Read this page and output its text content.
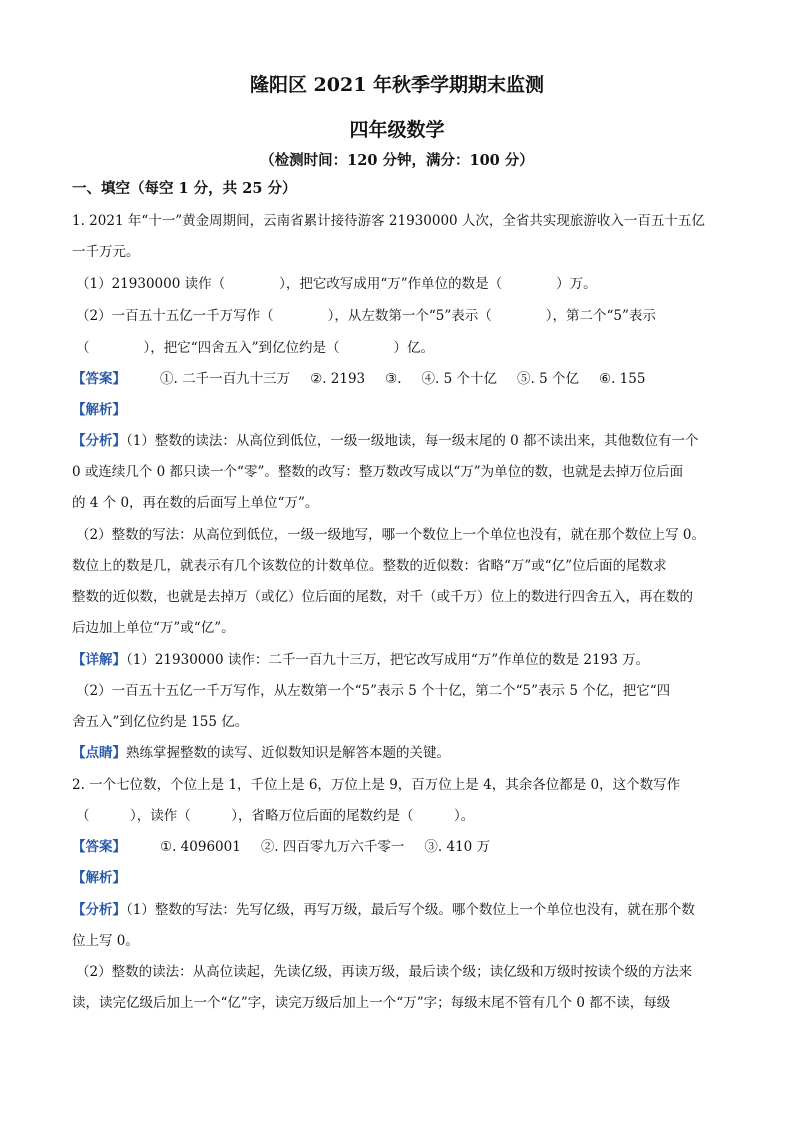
隆阳区 2021 年秋季学期期末监测
四年级数学
（检测时间：120 分钟，满分：100 分）
一、填空（每空 1 分，共 25 分）
1. 2021 年“十一”黄金周期间，云南省累计接待游客 21930000 人次，全省共实现旅游收入一百五十五亿
一千万元。
（1）21930000 读作（　　　　），把它改写成用“万”作单位的数是（　　　　）万。
（2）一百五十五亿一千万写作（　　　　），从左数第一个“5”表示（　　　　），第二个“5”表示
（　　　　），把它“四舍五入”到亿位约是（　　　　）亿。
【答案】	①. 二千一百九十三万 ②. 2193 ③. ④. 5 个十亿 ⑤. 5 个亿 ⑥. 155
【解析】
【分析】（1）整数的读法：从高位到低位，一级一级地读，每一级末尾的 0 都不读出来，其他数位有一个
0 或连续几个 0 都只读一个“零”。整数的改写：整万数改写成以“万”为单位的数，也就是去掉万位后面
的 4 个 0，再在数的后面写上单位“万”。
（2）整数的写法：从高位到低位，一级一级地写，哪一个数位上一个单位也没有，就在那个数位上写 0。
数位上的数是几，就表示有几个该数位的计数单位。整数的近似数：省略“万”或“亿”位后面的尾数求
整数的近似数，也就是去掉万（或亿）位后面的尾数，对千（或千万）位上的数进行四舍五入，再在数的
后边加上单位“万”或“亿”。
【详解】（1）21930000 读作：二千一百九十三万，把它改写成用“万”作单位的数是 2193 万。
（2）一百五十五亿一千万写作，从左数第一个“5”表示 5 个十亿，第二个“5”表示 5 个亿，把它“四
舍五入”到亿位约是 155 亿。
【点睛】熟练掌握整数的读写、近似数知识是解答本题的关键。
2. 一个七位数，个位上是 1，千位上是 6，万位上是 9，百万位上是 4，其余各位都是 0，这个数写作
（　　　），读作（　　　），省略万位后面的尾数约是（　　　）。
【答案】	①. 4096001 ②. 四百零九万六千零一 ③. 410 万
【解析】
【分析】（1）整数的写法：先写亿级，再写万级，最后写个级。哪个数位上一个单位也没有，就在那个数
位上写 0。
（2）整数的读法：从高位读起，先读亿级，再读万级，最后读个级；读亿级和万级时按读个级的方法来
读，读完亿级后加上一个“亿”字，读完万级后加上一个“万”字；每级末尾不管有几个 0 都不读，每级
